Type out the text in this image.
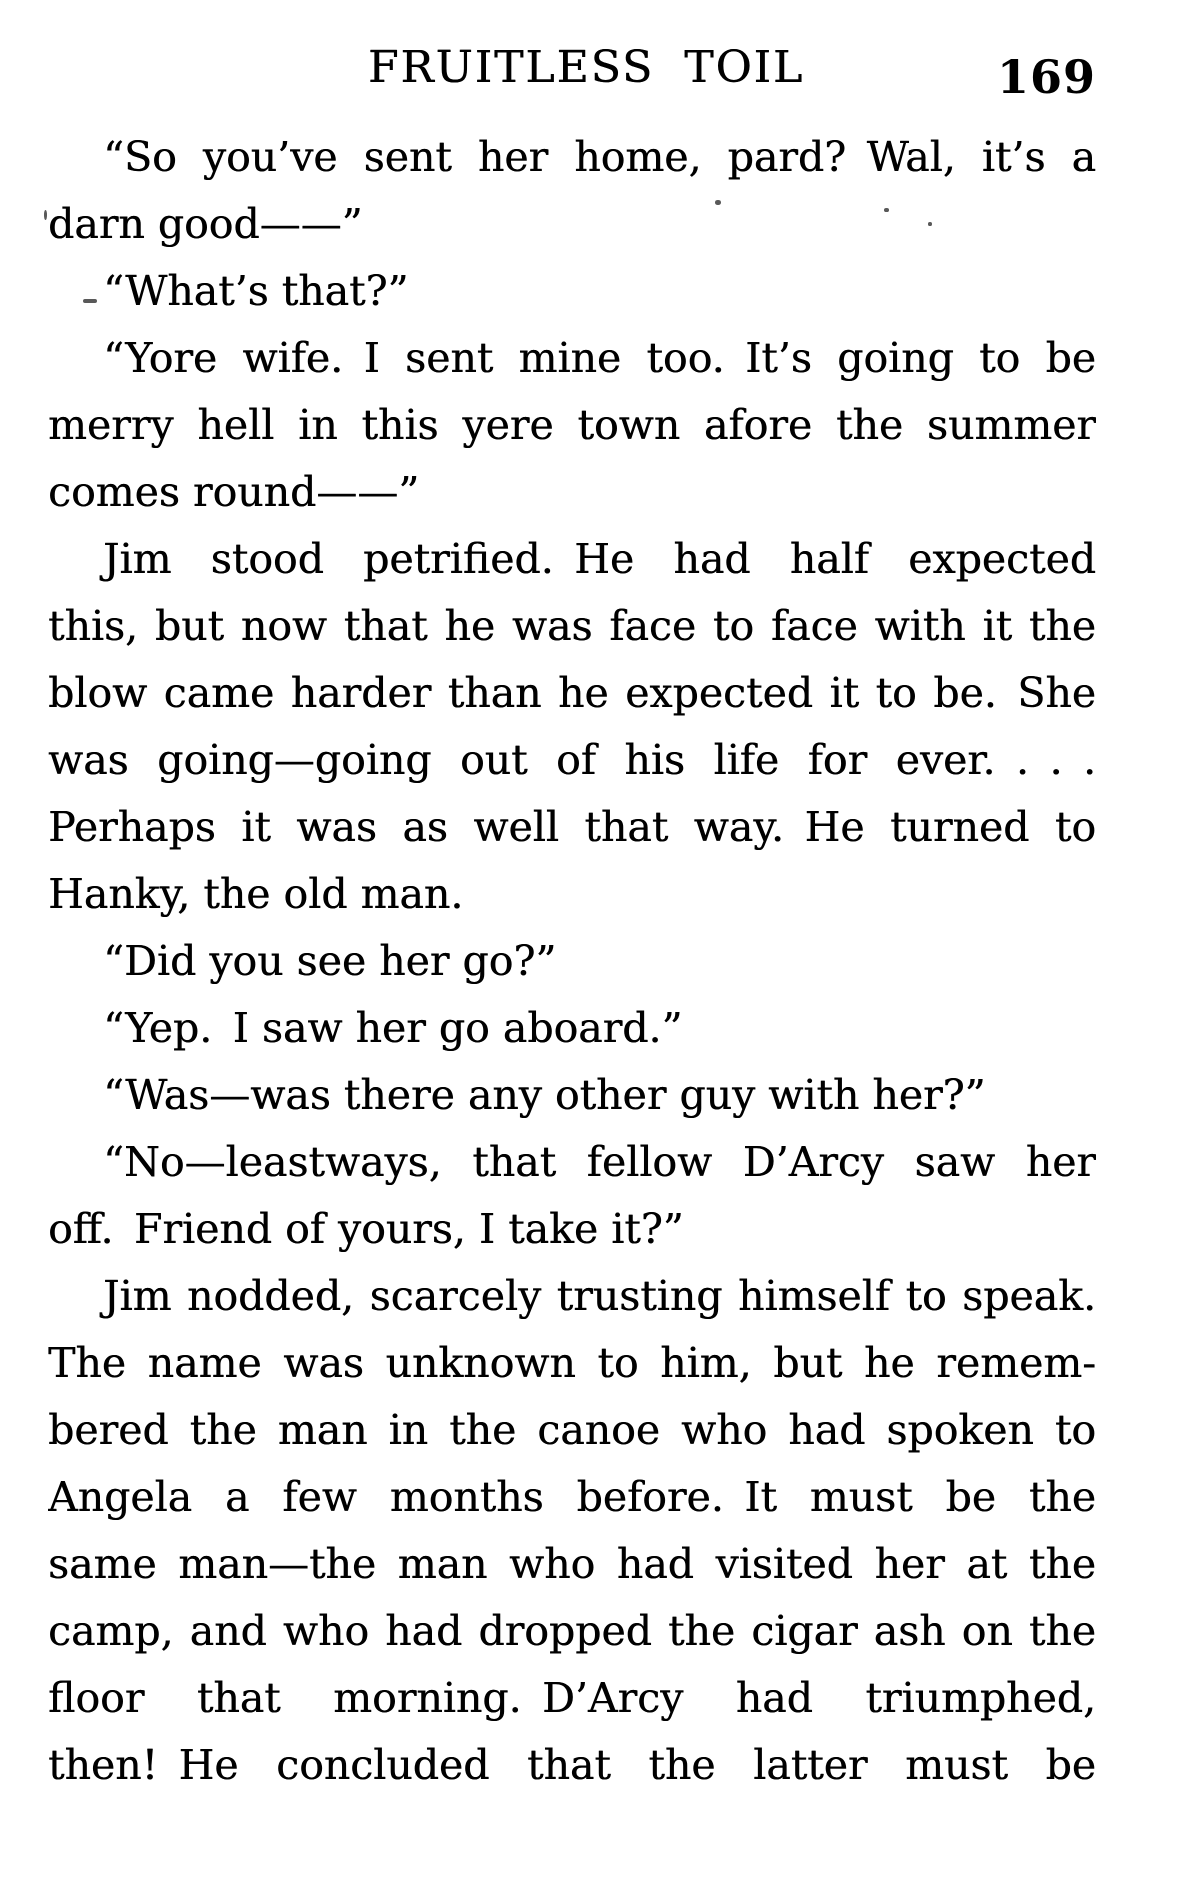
FRUITLESS TOIL	169
“So you’ve sent her home, pard? Wal, it’s a
darn good——”
“What’s that?”
“Yore wife. I sent mine too. It’s going to be
merry hell in this yere town afore the summer
comes round——”
Jim stood petrified. He had half expected
this, but now that he was face to face with it the
blow came harder than he expected it to be. She
was going—going out of his life for ever. . . .
Perhaps it was as well that way. He turned to
Hanky, the old man.
“Did you see her go?”
“Yep. I saw her go aboard.”
“Was—was there any other guy with her?”
“No—leastways, that fellow D’Arcy saw her
off. Friend of yours, I take it?”
Jim nodded, scarcely trusting himself to speak.
The name was unknown to him, but he remem-
bered the man in the canoe who had spoken to
Angela a few months before. It must be the
same man—the man who had visited her at the
camp, and who had dropped the cigar ash on the
floor that morning. D’Arcy had triumphed,
then! He concluded that the latter must be
